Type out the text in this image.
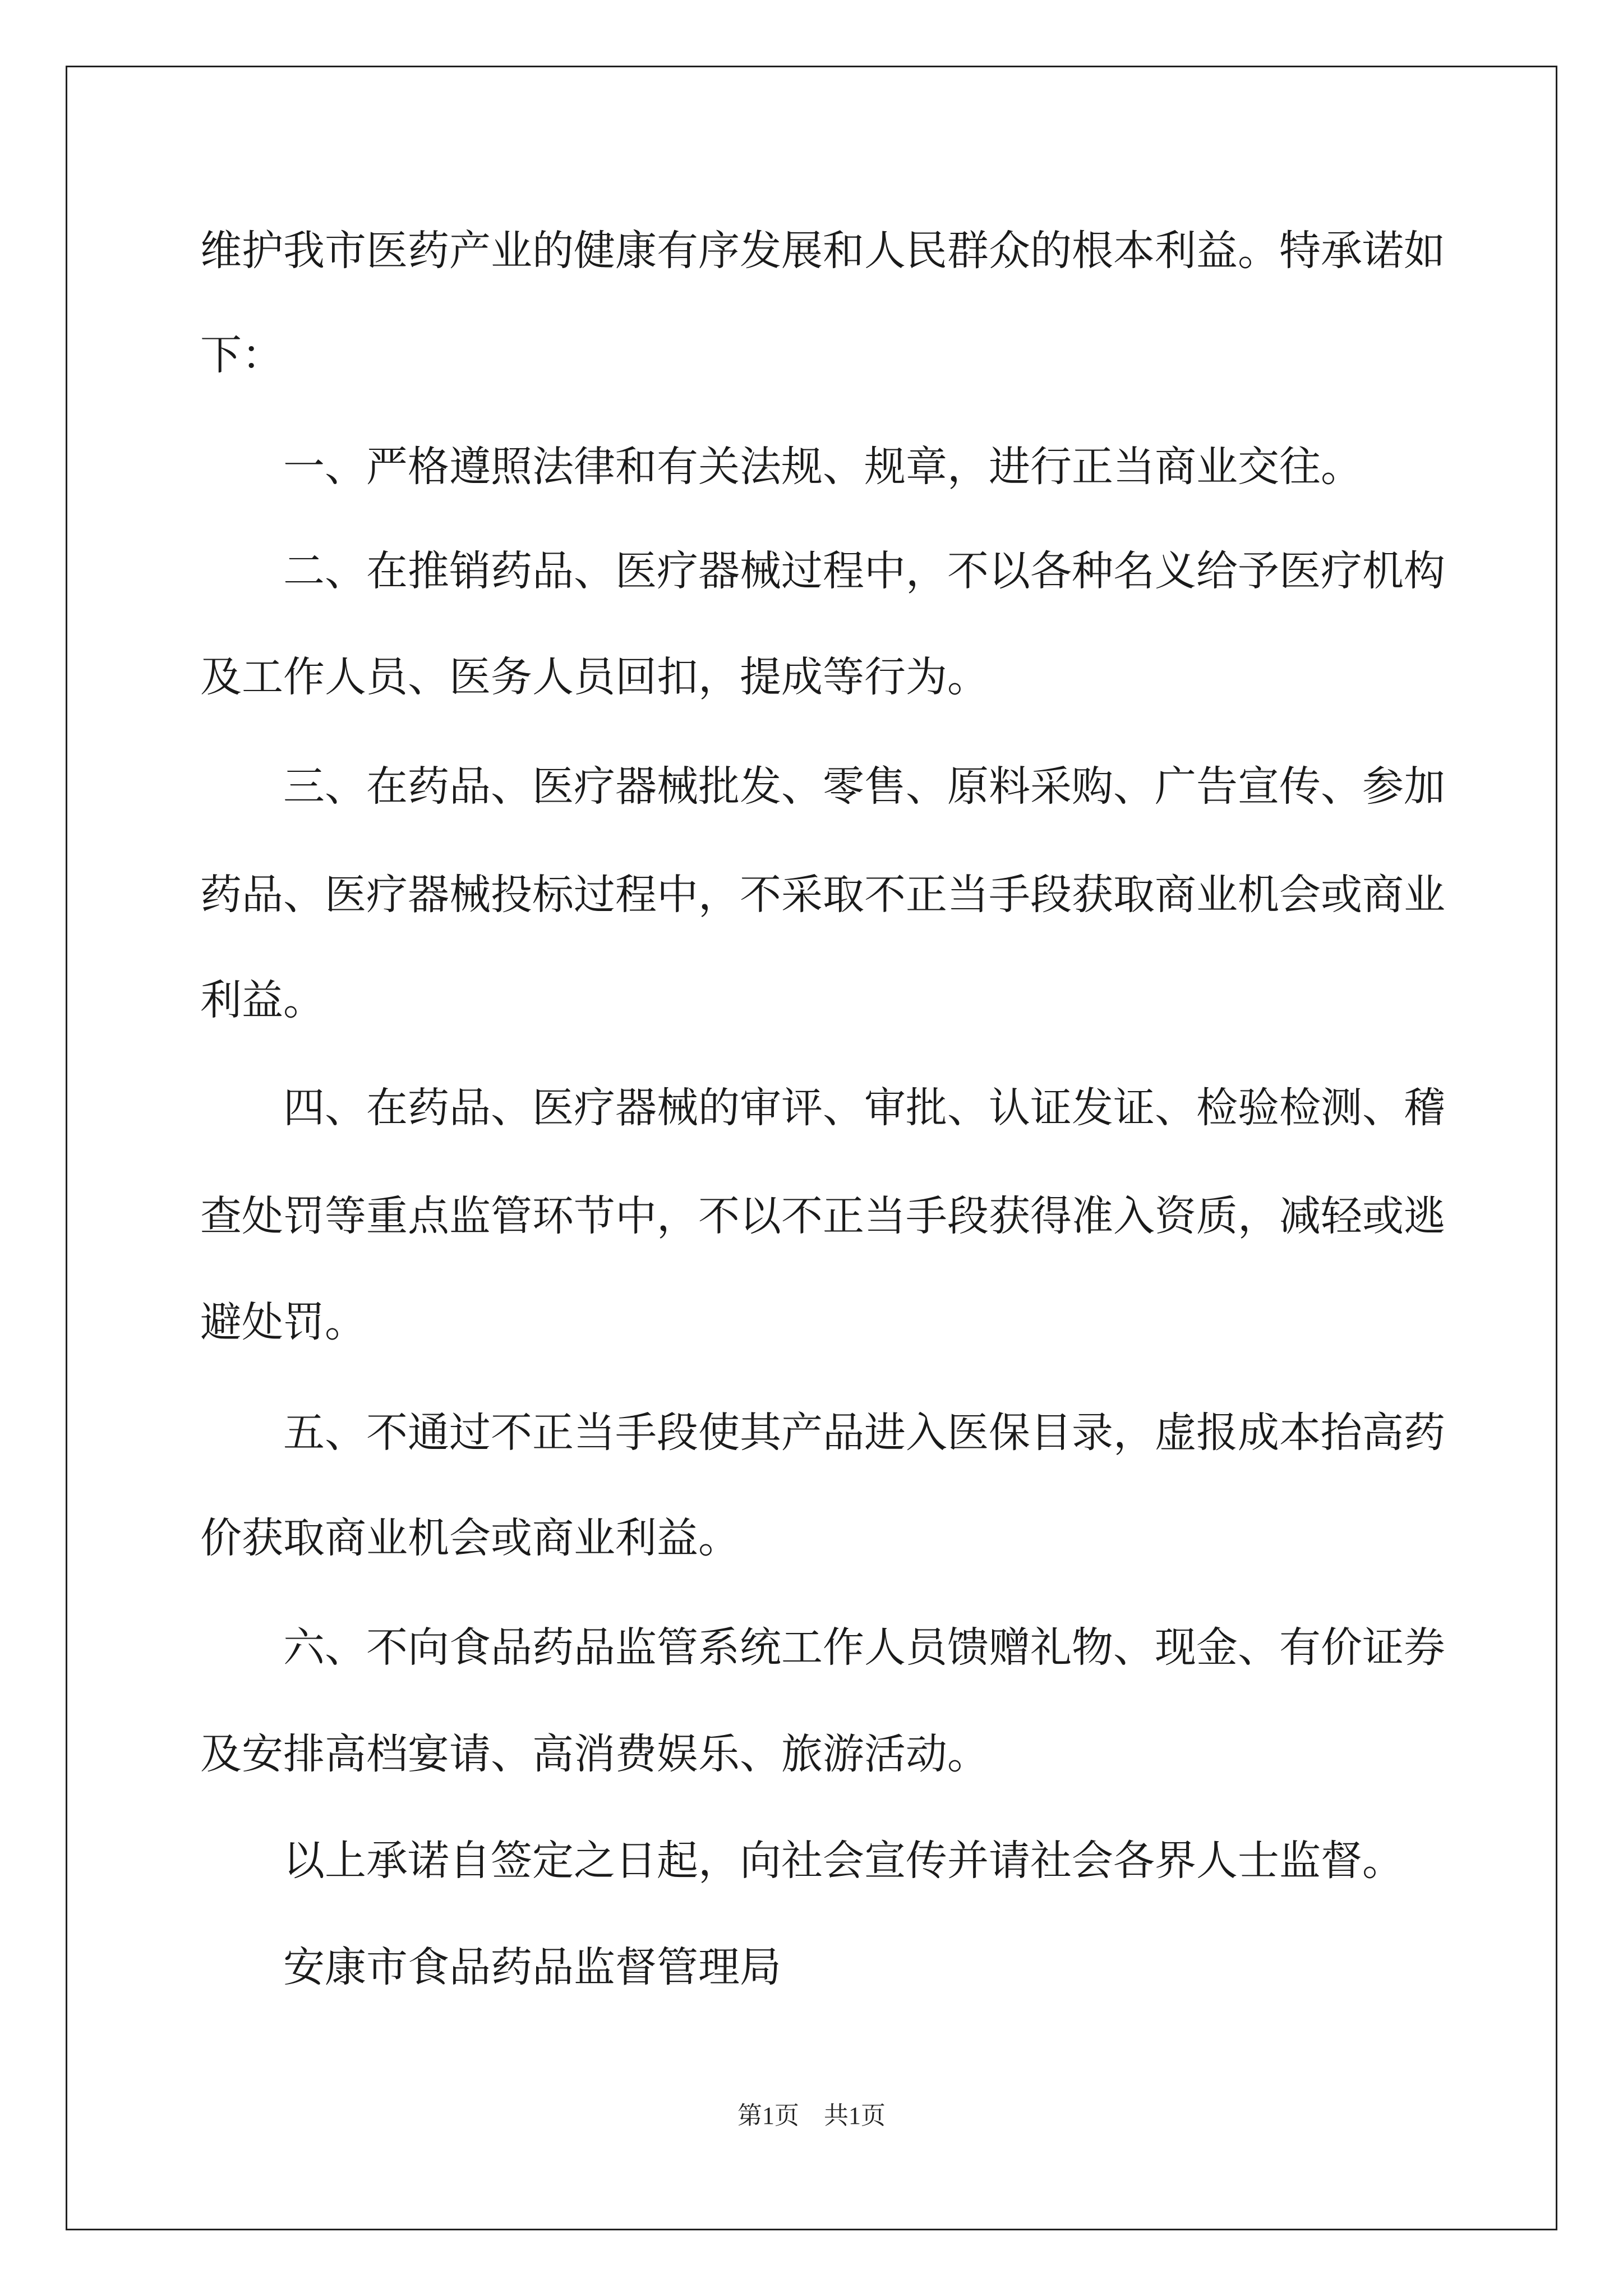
维护我市医药产业的健康有序发展和人民群众的根本利益。特承诺如
下：
一、严格遵照法律和有关法规、规章，进行正当商业交往。
二、在推销药品、医疗器械过程中，不以各种名义给予医疗机构
及工作人员、医务人员回扣，提成等行为。
三、在药品、医疗器械批发、零售、原料采购、广告宣传、参加
药品、医疗器械投标过程中，不采取不正当手段获取商业机会或商业
利益。
四、在药品、医疗器械的审评、审批、认证发证、检验检测、稽
查处罚等重点监管环节中，不以不正当手段获得准入资质，减轻或逃
避处罚。
五、不通过不正当手段使其产品进入医保目录，虚报成本抬高药
价获取商业机会或商业利益。
六、不向食品药品监管系统工作人员馈赠礼物、现金、有价证券
及安排高档宴请、高消费娱乐、旅游活动。
以上承诺自签定之日起，向社会宣传并请社会各界人士监督。
安康市食品药品监督管理局
第1页　共1页
